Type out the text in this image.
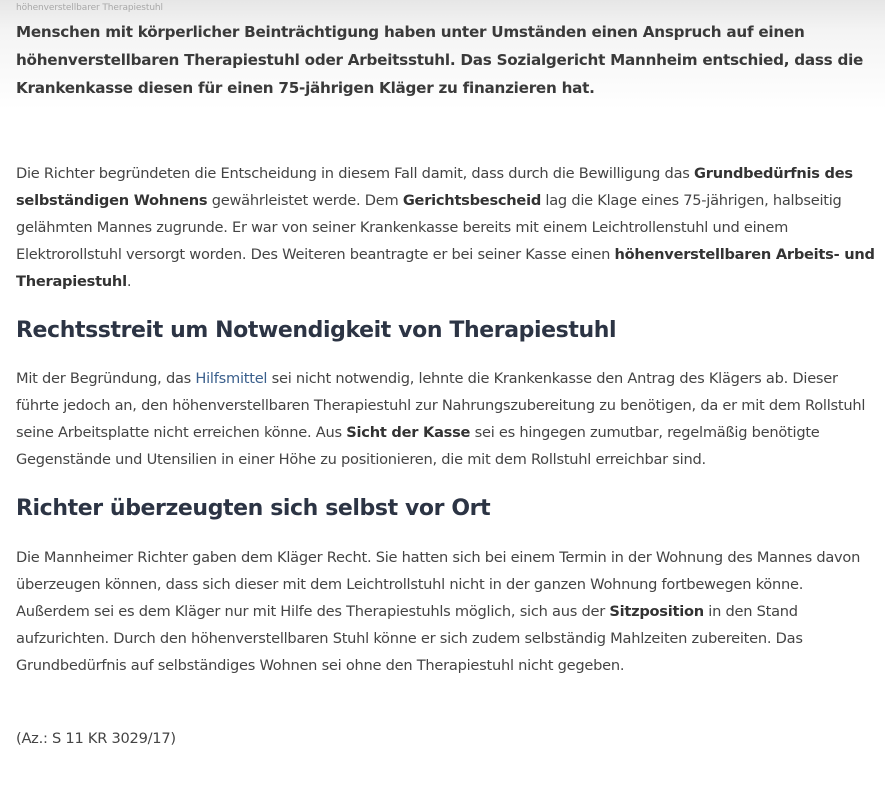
höhenverstellbarer Therapiestuhl

Menschen mit körperlicher Beinträchtigung haben unter Umständen einen Anspruch auf einen höhenverstellbaren Therapiestuhl oder Arbeitsstuhl. Das Sozialgericht Mannheim entschied, dass die Krankenkasse diesen für einen 75-jährigen Kläger zu finanzieren hat.

Die Richter begründeten die Entscheidung in diesem Fall damit, dass durch die Bewilligung das Grundbedürfnis des selbständigen Wohnens gewährleistet werde. Dem Gerichtsbescheid lag die Klage eines 75-jährigen, halbseitig gelähmten Mannes zugrunde. Er war von seiner Krankenkasse bereits mit einem Leichtrollenstuhl und einem Elektrorollstuhl versorgt worden. Des Weiteren beantragte er bei seiner Kasse einen höhenverstellbaren Arbeits- und Therapiestuhl.

Rechtsstreit um Notwendigkeit von Therapiestuhl

Mit der Begründung, das Hilfsmittel sei nicht notwendig, lehnte die Krankenkasse den Antrag des Klägers ab. Dieser führte jedoch an, den höhenverstellbaren Therapiestuhl zur Nahrungszubereitung zu benötigen, da er mit dem Rollstuhl seine Arbeitsplatte nicht erreichen könne. Aus Sicht der Kasse sei es hingegen zumutbar, regelmäßig benötigte Gegenstände und Utensilien in einer Höhe zu positionieren, die mit dem Rollstuhl erreichbar sind.

Richter überzeugten sich selbst vor Ort

Die Mannheimer Richter gaben dem Kläger Recht. Sie hatten sich bei einem Termin in der Wohnung des Mannes davon überzeugen können, dass sich dieser mit dem Leichtrollstuhl nicht in der ganzen Wohnung fortbewegen könne. Außerdem sei es dem Kläger nur mit Hilfe des Therapiestuhls möglich, sich aus der Sitzposition in den Stand aufzurichten. Durch den höhenverstellbaren Stuhl könne er sich zudem selbständig Mahlzeiten zubereiten. Das Grundbedürfnis auf selbständiges Wohnen sei ohne den Therapiestuhl nicht gegeben.

(Az.: S 11 KR 3029/17)
